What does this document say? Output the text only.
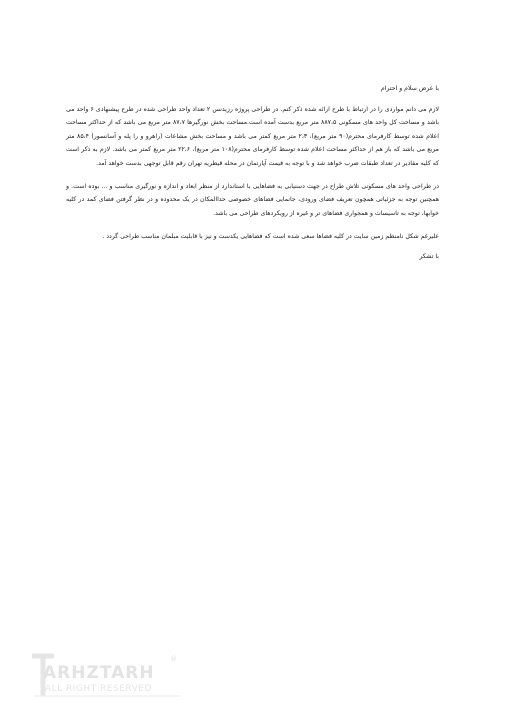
با عرض سلام و احترام

لازم می دانم مواردی را در ارتباط با طرح ارائه شده ذکر کنم. در طراحی پروژه رزیدنس ۲ تعداد واحد طراحی شده در طرح پیشنهادی ۶ واحد می باشد و مساحت کل واحد های مسکونی ۸۸۷،۵ متر مربع بدست آمده است.مساحت بخش نورگیرها ۸۷،۷ متر مربع می باشد که از حداکثر مساحت اعلام شده توسط کارفرمای محترم(۹۰ متر مربع)، ۲،۳ متر مربع کمتر می باشد و مساحت بخش مشاعات (راهرو و را پله و آسانسور) ۸۵،۴ متر مربع می باشد که باز هم از حداکثر مساحت اعلام شده توسط کارفرمای محترم(۱۰۸ متر مربع)، ۲۲،۶ متر مربع کمتر می باشد. لازم به ذکر است که کلیه مقادیر در تعداد طبقات ضرب خواهد شد و با توجه به قیمت آپارتمان در محله قیطریه تهران رقم قابل توجهی بدست خواهد آمد.

در طراحی واحد های مسکونی تلاش طراح در جهت دستیابی به فضاهایی با استاندارد از منظر ابعاد و اندازه و نورگیری مناسب و ... بوده است. و همچنین توجه به جزئیاتی همچون تعریف فضای ورودی، جانمایی فضاهای خصوصی حداالمکان در یک محدوده و در نظر گرفتن فضای کمد در کلیه خوابها، توجه به تاسیسات و همجواری فضاهای تر و غیره از رویکردهای طراحی می باشد.

علیرغم شکل نامنظم زمین سایت در کلیه فضاها سعی شده است که فضاهایی یکدست و نیز با قابلیت مبلمان مناسب طراحی گردد .

با تشکر

ARHZTARH
ALL RIGHT RESERVED
®
